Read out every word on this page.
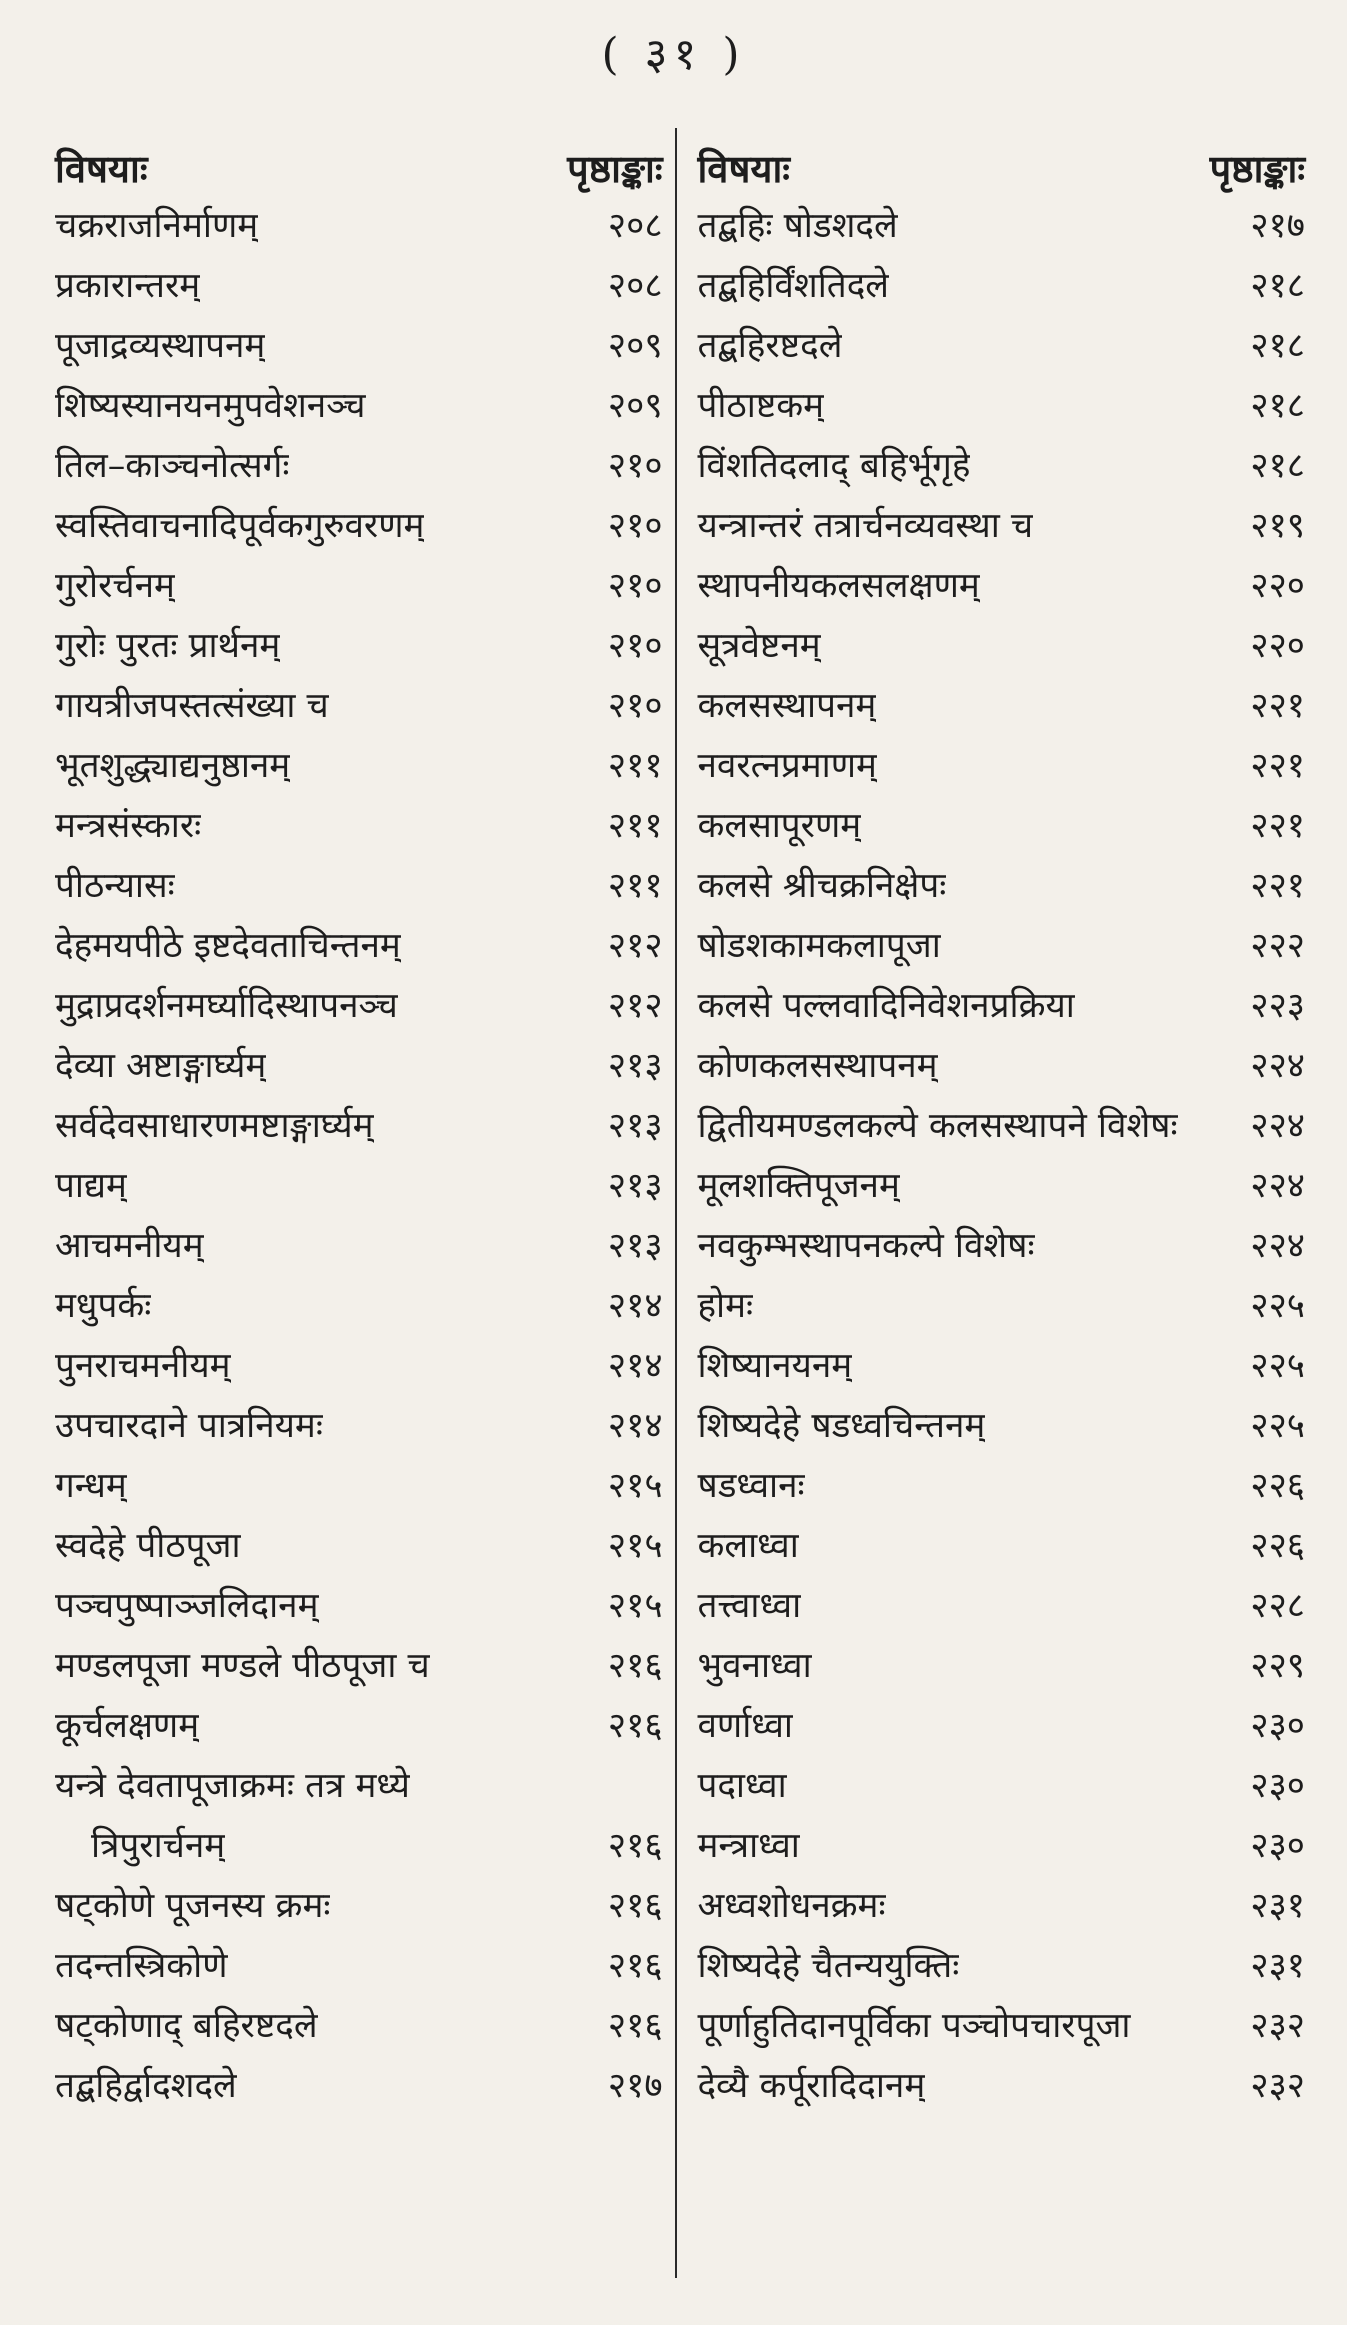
( ३१ )
विषयाः	पृष्ठाङ्काः
चक्रराजनिर्माणम्	२०८
प्रकारान्तरम्	२०८
पूजाद्रव्यस्थापनम्	२०९
शिष्यस्यानयनमुपवेशनञ्च	२०९
तिल–काञ्चनोत्सर्गः	२१०
स्वस्तिवाचनादिपूर्वकगुरुवरणम्	२१०
गुरोरर्चनम्	२१०
गुरोः पुरतः प्रार्थनम्	२१०
गायत्रीजपस्तत्संख्या च	२१०
भूतशुद्ध्याद्यनुष्ठानम्	२११
मन्त्रसंस्कारः	२११
पीठन्यासः	२११
देहमयपीठे इष्टदेवताचिन्तनम्	२१२
मुद्राप्रदर्शनमर्घ्यादिस्थापनञ्च	२१२
देव्या अष्टाङ्गार्घ्यम्	२१३
सर्वदेवसाधारणमष्टाङ्गार्घ्यम्	२१३
पाद्यम्	२१३
आचमनीयम्	२१३
मधुपर्कः	२१४
पुनराचमनीयम्	२१४
उपचारदाने पात्रनियमः	२१४
गन्धम्	२१५
स्वदेहे पीठपूजा	२१५
पञ्चपुष्पाञ्जलिदानम्	२१५
मण्डलपूजा मण्डले पीठपूजा च	२१६
कूर्चलक्षणम्	२१६
यन्त्रे देवतापूजाक्रमः तत्र मध्ये
त्रिपुरार्चनम्	२१६
षट्कोणे पूजनस्य क्रमः	२१६
तदन्तस्त्रिकोणे	२१६
षट्कोणाद् बहिरष्टदले	२१६
तद्बहिर्द्वादशदले	२१७
विषयाः	पृष्ठाङ्काः
तद्बहिः षोडशदले	२१७
तद्बहिर्विंशतिदले	२१८
तद्बहिरष्टदले	२१८
पीठाष्टकम्	२१८
विंशतिदलाद् बहिर्भूगृहे	२१८
यन्त्रान्तरं तत्रार्चनव्यवस्था च	२१९
स्थापनीयकलसलक्षणम्	२२०
सूत्रवेष्टनम्	२२०
कलसस्थापनम्	२२१
नवरत्नप्रमाणम्	२२१
कलसापूरणम्	२२१
कलसे श्रीचक्रनिक्षेपः	२२१
षोडशकामकलापूजा	२२२
कलसे पल्लवादिनिवेशनप्रक्रिया	२२३
कोणकलसस्थापनम्	२२४
द्वितीयमण्डलकल्पे कलसस्थापने विशेषः २२४
मूलशक्तिपूजनम्	२२४
नवकुम्भस्थापनकल्पे विशेषः	२२४
होमः	२२५
शिष्यानयनम्	२२५
शिष्यदेहे षडध्वचिन्तनम्	२२५
षडध्वानः	२२६
कलाध्वा	२२६
तत्त्वाध्वा	२२८
भुवनाध्वा	२२९
वर्णाध्वा	२३०
पदाध्वा	२३०
मन्त्राध्वा	२३०
अध्वशोधनक्रमः	२३१
शिष्यदेहे चैतन्ययुक्तिः	२३१
पूर्णाहुतिदानपूर्विका पञ्चोपचारपूजा	२३२
देव्यै कर्पूरादिदानम्	२३२
